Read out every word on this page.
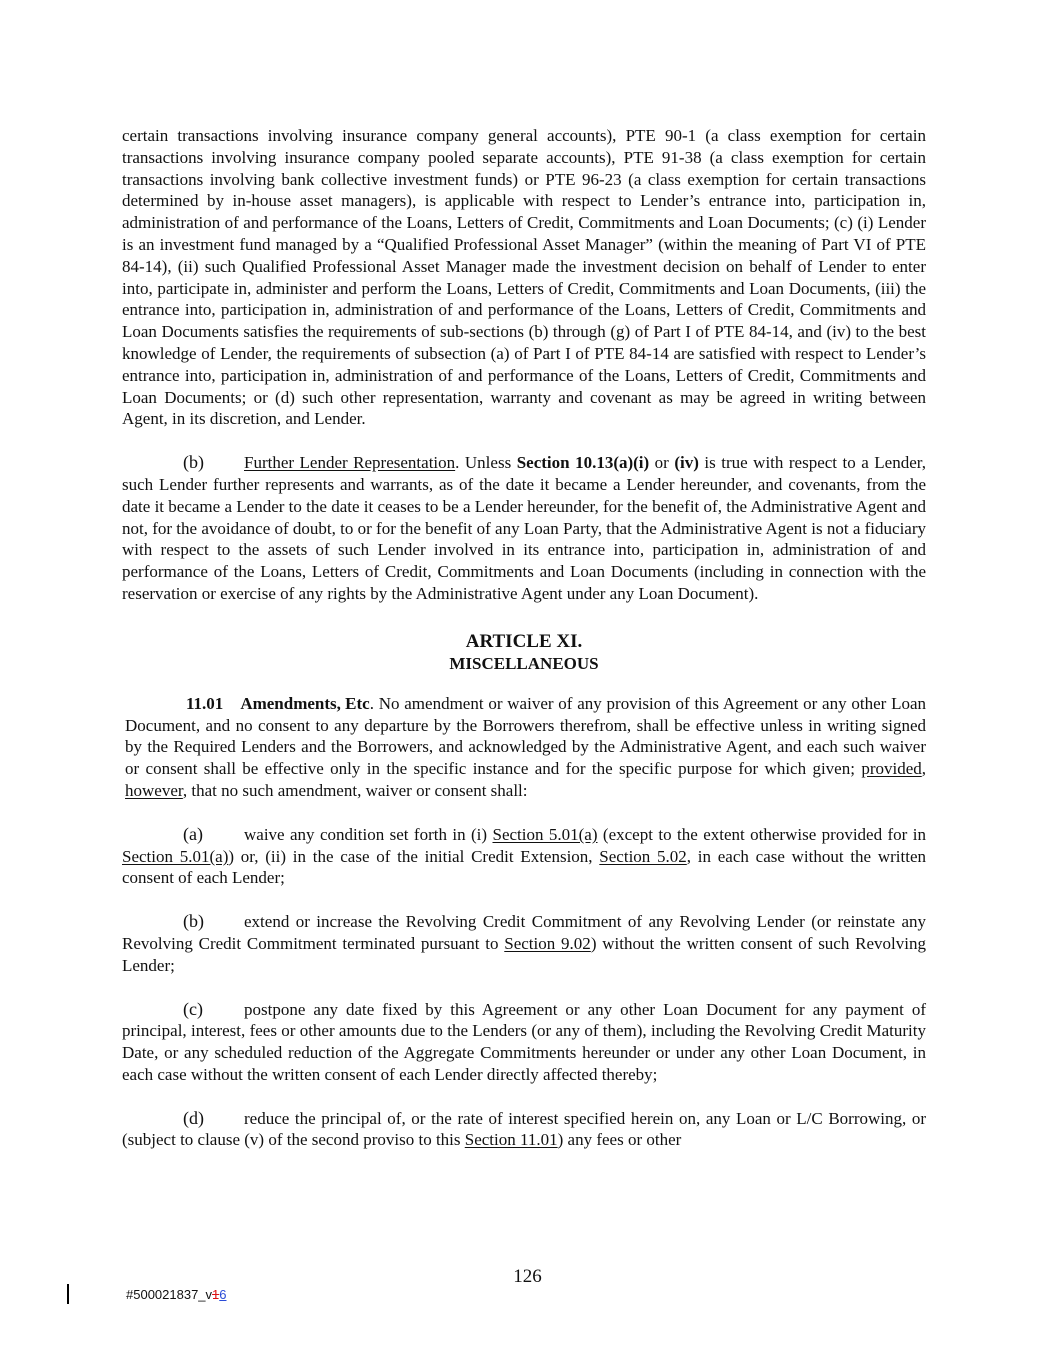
certain transactions involving insurance company general accounts), PTE 90-1 (a class exemption for certain transactions involving insurance company pooled separate accounts), PTE 91-38 (a class exemption for certain transactions involving bank collective investment funds) or PTE 96-23 (a class exemption for certain transactions determined by in-house asset managers), is applicable with respect to Lender’s entrance into, participation in, administration of and performance of the Loans, Letters of Credit, Commitments and Loan Documents; (c) (i) Lender is an investment fund managed by a “Qualified Professional Asset Manager” (within the meaning of Part VI of PTE 84-14), (ii) such Qualified Professional Asset Manager made the investment decision on behalf of Lender to enter into, participate in, administer and perform the Loans, Letters of Credit, Commitments and Loan Documents, (iii) the entrance into, participation in, administration of and performance of the Loans, Letters of Credit, Commitments and Loan Documents satisfies the requirements of sub-sections (b) through (g) of Part I of PTE 84-14, and (iv) to the best knowledge of Lender, the requirements of subsection (a) of Part I of PTE 84-14 are satisfied with respect to Lender’s entrance into, participation in, administration of and performance of the Loans, Letters of Credit, Commitments and Loan Documents; or (d) such other representation, warranty and covenant as may be agreed in writing between Agent, in its discretion, and Lender.

(b) Further Lender Representation. Unless Section 10.13(a)(i) or (iv) is true with respect to a Lender, such Lender further represents and warrants, as of the date it became a Lender hereunder, and covenants, from the date it became a Lender to the date it ceases to be a Lender hereunder, for the benefit of, the Administrative Agent and not, for the avoidance of doubt, to or for the benefit of any Loan Party, that the Administrative Agent is not a fiduciary with respect to the assets of such Lender involved in its entrance into, participation in, administration of and performance of the Loans, Letters of Credit, Commitments and Loan Documents (including in connection with the reservation or exercise of any rights by the Administrative Agent under any Loan Document).

ARTICLE XI.
MISCELLANEOUS

11.01 Amendments, Etc. No amendment or waiver of any provision of this Agreement or any other Loan Document, and no consent to any departure by the Borrowers therefrom, shall be effective unless in writing signed by the Required Lenders and the Borrowers, and acknowledged by the Administrative Agent, and each such waiver or consent shall be effective only in the specific instance and for the specific purpose for which given; provided, however, that no such amendment, waiver or consent shall:

(a) waive any condition set forth in (i) Section 5.01(a) (except to the extent otherwise provided for in Section 5.01(a)) or, (ii) in the case of the initial Credit Extension, Section 5.02, in each case without the written consent of each Lender;

(b) extend or increase the Revolving Credit Commitment of any Revolving Lender (or reinstate any Revolving Credit Commitment terminated pursuant to Section 9.02) without the written consent of such Revolving Lender;

(c) postpone any date fixed by this Agreement or any other Loan Document for any payment of principal, interest, fees or other amounts due to the Lenders (or any of them), including the Revolving Credit Maturity Date, or any scheduled reduction of the Aggregate Commitments hereunder or under any other Loan Document, in each case without the written consent of each Lender directly affected thereby;

(d) reduce the principal of, or the rate of interest specified herein on, any Loan or L/C Borrowing, or (subject to clause (v) of the second proviso to this Section 11.01) any fees or other

126
#500021837_v16
